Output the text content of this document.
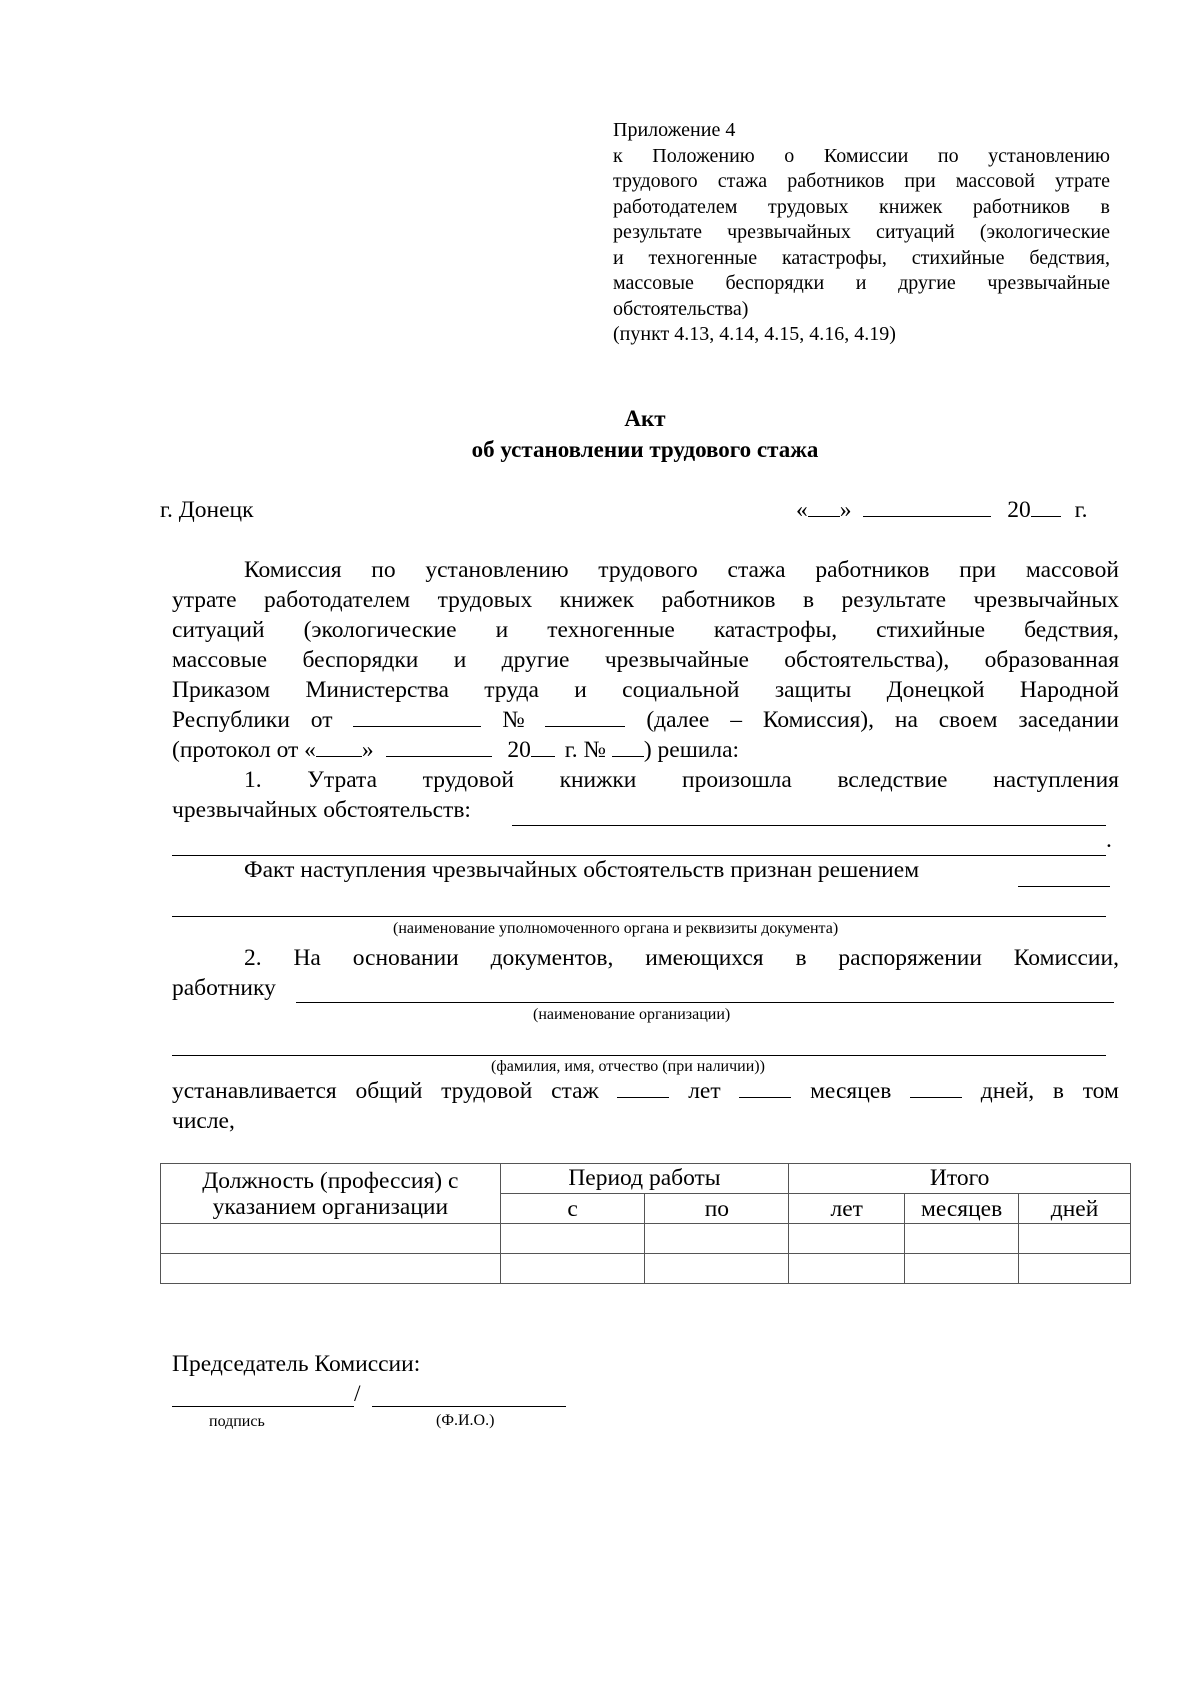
Приложение 4
к Положению о Комиссии по установлению
трудового стажа работников при массовой утрате
работодателем трудовых книжек работников в
результате чрезвычайных ситуаций (экологические
и техногенные катастрофы, стихийные бедствия,
массовые беспорядки и другие чрезвычайные
обстоятельства)
(пункт 4.13, 4.14, 4.15, 4.16, 4.19)
Акт
об установлении трудового стажа
г. Донецк	« »	20 г.
Комиссия по установлению трудового стажа работников при массовой
утрате работодателем трудовых книжек работников в результате чрезвычайных
ситуаций (экологические и техногенные катастрофы, стихийные бедствия,
массовые беспорядки и другие чрезвычайные обстоятельства), образованная
Приказом Министерства труда и социальной защиты Донецкой Народной
Республики от	№	(далее – Комиссия), на своем заседании
(протокол от « »	20 г. № ) решила:
1. Утрата трудовой книжки произошла вследствие наступления
чрезвычайных обстоятельств:
.
Факт наступления чрезвычайных обстоятельств признан решением
(наименование уполномоченного органа и реквизиты документа)
2. На основании документов, имеющихся в распоряжении Комиссии,
работнику
(наименование организации)
(фамилия, имя, отчество (при наличии))
устанавливается общий трудовой стаж	лет	месяцев	дней, в том
числе,
Должность (профессия) с
указанием организации	Период работы		Итого		
	с	по	лет	месяцев	дней

Председатель Комиссии:
/
подпись	(Ф.И.О.)
